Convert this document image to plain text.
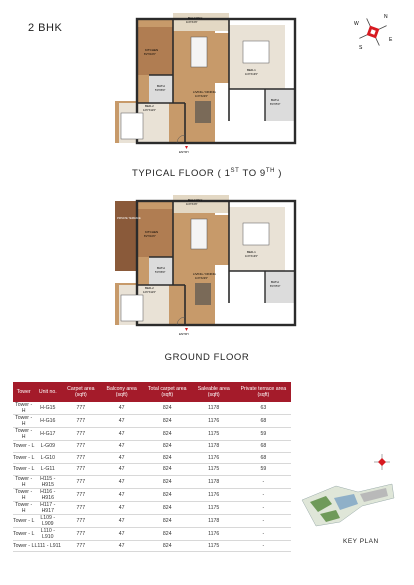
2 BHK
N
E
S
W
BALCONY
11'0"X4'6"
KITCHEN
8'2"X10'0"
BATH
5'0"X8'0"
BED-1
11'0"X13'0"
BATH
8'4"X5'0"
LIVING / DINING
11'0"X22'0"
BED-2
12'0"X11'0"
ENTRY
TYPICAL FLOOR ( 1ST TO 9TH )
PRIVATE TERRACE
BALCONY
11'0"X4'6"
KITCHEN
8'2"X10'0"
BATH
5'0"X8'0"
BED-1
11'0"X13'0"
BATH
8'4"X5'0"
LIVING / DINING
11'0"X22'0"
BED-2
12'0"X11'0"
ENTRY
GROUND FLOOR
Tower	Unit no.	Carpet area (sqft)	Balcony area (sqft)	Total carpet area (sqft)	Saleable area (sqft)	Private terrace area (sqft)
Tower - H	H-G15	777	47	824	1178	63
Tower - H	H-G16	777	47	824	1176	68
Tower - H	H-G17	777	47	824	1175	59
Tower - L	L-G09	777	47	824	1178	68
Tower - L	L-G10	777	47	824	1176	68
Tower - L	L-G11	777	47	824	1175	59
Tower - H	H115 - H915	777	47	824	1178	-
Tower - H	H116 - H916	777	47	824	1176	-
Tower - H	H117 - H917	777	47	824	1175	-
Tower - L	L109 - L909	777	47	824	1178	-
Tower - L	L110 - L910	777	47	824	1176	-
Tower - L	L111 - L911	777	47	824	1175	-
KEY PLAN
